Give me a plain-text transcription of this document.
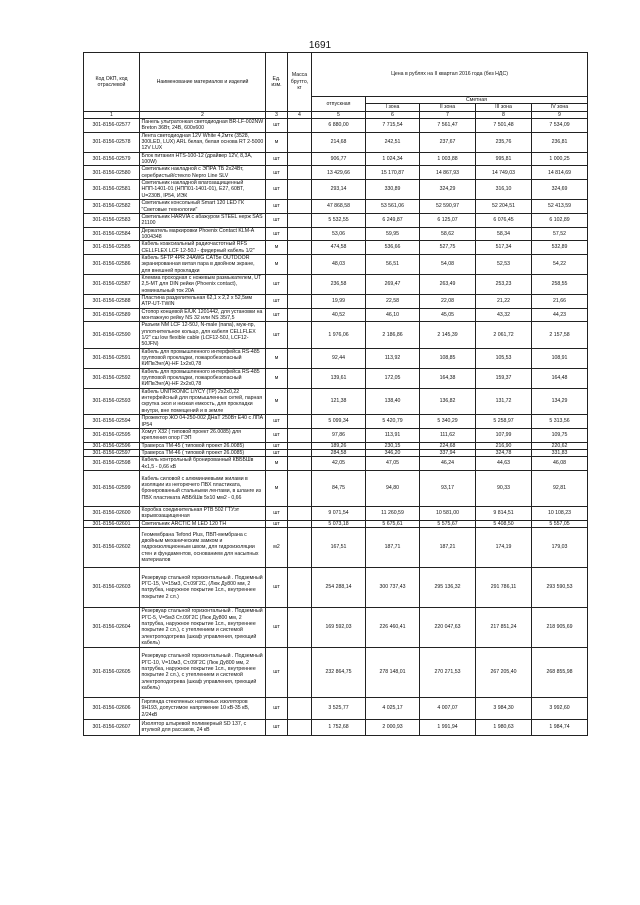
1691
Код ОКП, код отраслевой	Наименование материалов и изделий	Ед. изм.	Масса брутто, кг	Цена в рублях на II квартал 2016 года (без НДС)				
				отпускная	Сметная			
					I зона	II зона	III зона	IV зона
1	2	3	4	5	6	7	8	9
301-8156-02577	Панель ультратонкая светодиодная BR-LF-002NW Breton 36Вт, 24В, 600х600	шт		6 880,00	7 715,54	7 561,47	7 501,48	7 534,09
301-8156-02578	Лента светодиодная 12V White 4,2мтк (3528, 300LED, LUX) ARL белая, белая основа RT 2-5000 12V LUX	м		214,68	242,51	237,67	235,76	236,81
301-8156-02579	Блок питания HTS-100-12 (драйвер 12V, 8,3А, 100W)	шт		906,77	1 024,34	1 003,88	995,81	1 000,25
301-8156-02580	Светильник накладной с ЭПРА ТБ 2х24Вт, серебристый/стекло Nepro Line SLV	шт		13 429,66	15 170,87	14 867,93	14 749,03	14 814,69
301-8156-02581	Светильник накладной влагозащищенный НПП-1401-01 (НПП01-1401-01), Е27, 60ВТ, U=230В, IP54, ИЭК	шт		293,14	330,89	324,29	316,10	324,69
301-8156-02582	Светильник консольный Smart 120 LED ГК "Световые технологии"	шт		47 868,58	53 561,06	52 590,97	52 204,51	52 413,59
301-8156-02583	Светильник HARVIA с абажуром STEEL нерж SAS 21100	шт		5 532,55	6 249,87	6 125,07	6 076,45	6 102,89
301-8156-02584	Держатель маркировки Phoenix Contact KLM-A 1004348	шт		53,06	59,95	58,62	58,34	57,52
301-8156-02585	Кабель коаксиальный радиочастотный RFS CELLFLEX LCF 12-50J - фидерный кабель 1/2"	м		474,58	536,66	527,75	517,34	532,89
301-8156-02586	Кабель SFTP 4PR 24AWG CAT5e OUTDOOR экранированная витая пара в двойном экране, для внешней прокладки	м		48,03	56,51	54,08	52,53	54,22
301-8156-02587	Клемма проходная с ножевым размыкателем, UT 2,5-MT для DIN рейки (Phoenix contact), номинальный ток 20А	шт		236,58	269,47	263,49	253,23	258,55
301-8156-02588	Пластина разделительная 62,1 х 2,2 х 52,5мм ATP-UT-TWIN	шт		19,99	22,58	22,08	21,22	21,66
301-8156-02589	Стопор концевой E/UK 1201442, для установки на монтажную рейку NS 32 или NS 35/7,5	шт		40,52	46,10	45,05	43,32	44,23
301-8156-02590	Разъем NM LCF 12-50J, N-male (папа), муж-пр, уплотнительное кольцо, для кабеля CELLFLEX 1/2" сш low flexible cable (LCF12-50J, LCF12-50JFN)	шт		1 976,06	2 186,86	2 145,39	2 061,72	2 157,58
301-8156-02591	Кабель для промышленного интерфейса RS-485 групповой прокладки, пожаробезопасный КИПвЭнг(А)-HF 1х2х0,78	м		92,44	113,92	108,85	105,53	108,91
301-8156-02592	Кабель для промышленного интерфейса RS-485 групповой прокладки, пожаробезопасный КИПвЭнг(А)-HF 2х2х0,78	м		139,61	172,05	164,38	159,37	164,48
301-8156-02593	Кабель UNITRONIC LiYCY (TP) 2х2х0,22 интерфейсный для промышленных сетей, парная скрутка экол и низкая емкость, для прокладки внутри, вне помещений и в земле	м		121,38	138,40	136,82	131,72	134,29
301-8156-02594	Прожектор ЖО 04-250-002 ДНаТ 250Вт Е40 с ЛПА IP54	шт		5 099,34	5 420,79	5 340,29	5 258,97	5 313,56
301-8156-02595	Хомут Х32 ( типовой проект 26.0085) для крепления опор ГЭП	шт		97,86	113,91	111,62	107,99	109,75
301-8156-02596	Траверса ТМ-45 ( типовой проект 26.0085)	шт		189,26	230,15	224,68	216,90	220,62
301-8156-02597	Траверса ТМ-46 ( типовой проект 26.0085)	шт		284,58	346,20	337,94	324,78	331,83
301-8156-02598	Кабель контрольный бронированный КВББШв 4х1,5 - 0,66 кВ	м		42,05	47,05	46,24	44,63	46,08
301-8156-02599	Кабель силовой с алюминиевыми жилами в изоляции из негорючего ПВХ пластиката, бронированный стальными лентами, в шланге из ПВХ пластиката АВБбШв 5х10 мм2 - 0,66	м		84,75	94,80	93,17	90,33	92,81
301-8156-02600	Коробка соединительная РТВ 502 ГТУэт взрывозащищенная	шт		9 071,54	11 260,59	10 581,00	9 814,51	10 108,23
301-8156-02601	Светильник ARCTIC M LED 120 TH	шт		5 073,18	5 675,61	5 575,67	5 408,50	5 557,05
301-8156-02602	Геомембрана Tefond Plus, ПВП-мембрана с двойным механическим замком и гидроизоляционным швом, для гидроизоляции стен и фундаментов, основанием для насыпных материалов	м2		167,51	187,71	187,21	174,19	179,03
301-8156-02603	Резервуар стальной горизонтальный . Подземный РГС-15, V=15м3, Ст.09Г2С, (Люк Ду800 мм, 2 патрубка, наружное покрытие 1сл., внутреннее покрытие 2 сл.)	шт		254 288,14	300 737,43	295 136,32	291 786,11	293 590,53
301-8156-02604	Резервуар стальной горизонтальный . Подземный РГС-5, V=5м3 Ст.09Г2С (Люк Ду800 мм, 2 патрубка, наружное покрытие 1сл., внутреннее покрытие 2 сл.), с утеплением и системой электроподогрева (шкаф управления, греющий кабель)	шт		169 592,03	226 460,41	220 047,63	217 851,24	218 905,69
301-8156-02605	Резервуар стальной горизонтальный . Подземный РГС-10, V=10м3, Ст.09Г2С (Люк Ду800 мм, 2 патрубка, наружное покрытие 1сл., внутреннее покрытие 2 сл.), с утеплением и системой электроподогрева (шкаф управления, греющий кабель)	шт		232 864,75	278 148,01	270 271,53	267 205,40	268 855,98
301-8156-02606	Гирлянда стеклянных натяжных изоляторов 9Н193, допустимое напряжение 10 кВ-35 кВ, 2/24кВ	шт		3 525,77	4 025,17	4 007,07	3 984,30	3 992,60
301-8156-02607	Изолятор штыревой полимерный SD 137, с втулкой для рассаков, 24 кВ	шт		1 752,68	2 000,93	1 991,94	1 980,63	1 984,74
